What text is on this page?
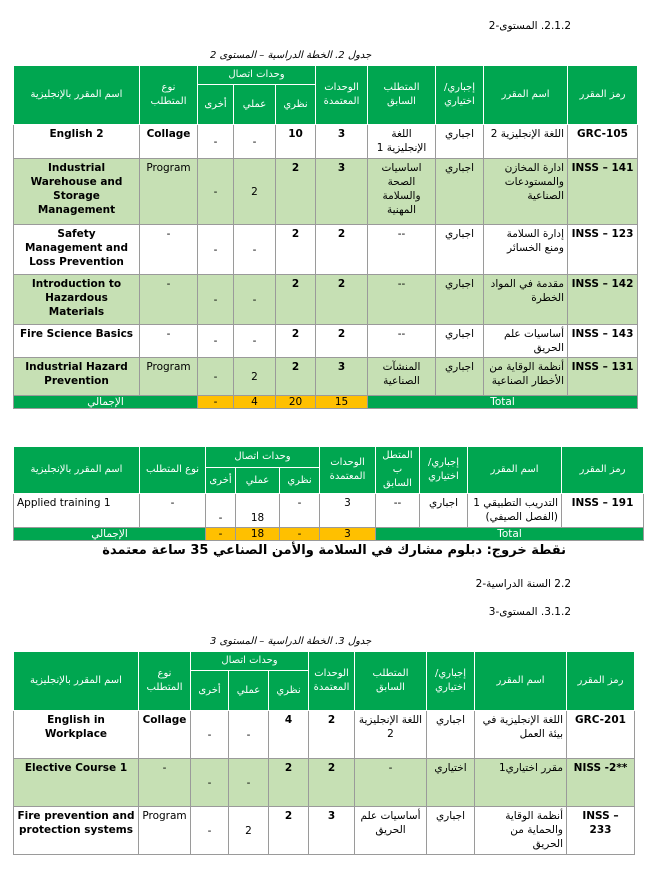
2.1.2. المستوى-2
جدول 2. الخطة الدراسية – المستوى 2
رمز المقرر	اسم المقرر	إجباري/ اختياري	المتطلب السابق	الوحدات المعتمدة	وحدات اتصال			نوع المتطلب	اسم المقرر بالإنجليزية
					نظري	عملي	أخرى		
GRC-105	اللغة الإنجليزية 2	اجباري	اللغة الإنجليزية 1	3	10	-	-	Collage	English 2
INSS – 141	ادارة المخازن والمستودعات الصناعية	اجباري	اساسيات الصحة والسلامة المهنية	3	2	2	-	Program	Industrial Warehouse and Storage Management
INSS – 123	إدارة السلامة ومنع الخسائر	اجباري	--	2	2	-	-	-	Safety Management and Loss Prevention
INSS – 142	مقدمة في المواد الخطرة	اجباري	--	2	2	-	-	-	Introduction to Hazardous Materials
INSS – 143	أساسيات علم الحريق	اجباري	--	2	2	-	-	-	Fire Science Basics
INSS – 131	أنظمة الوقاية من الأخطار الصناعية	اجباري	المنشآت الصناعية	3	2	2	-	Program	Industrial Hazard Prevention
Total				15	20	4	-	الإجمالي	
رمز المقرر	اسم المقرر	إجباري/ اختياري	المتطل ب السابق	الوحدات المعتمدة	وحدات اتصال			نوع المتطلب	اسم المقرر بالإنجليزية
					نظري	عملي	أخرى		
INSS – 191	التدريب التطبيقي 1 (الفصل الصيفي)	اجباري	--	3	-	18	-	-	Applied training 1
Total				3	-	18	-	الإجمالي	
نقطة خروج: دبلوم مشارك في السلامة والأمن الصناعي 35 ساعة معتمدة
2.2 السنة الدراسية-2
3.1.2. المستوى-3
جدول 3. الخطة الدراسية – المستوى 3
رمز المقرر	اسم المقرر	إجباري/ اختياري	المتطلب السابق	الوحدات المعتمدة	وحدات اتصال			نوع المتطلب	اسم المقرر بالإنجليزية
					نظري	عملي	أخرى		
GRC-201	اللغة الإنجليزية في بيئة العمل	اجباري	اللغة الإنجليزية 2	2	4	-	-	Collage	English in Workplace
NISS -2**	مقرر اختياري1	اختياري	-	2	2	-	-	-	Elective Course 1
INSS – 233	أنظمة الوقاية والحماية من الحريق	اجباري	أساسيات علم الحريق	3	2	2	-	Program	Fire prevention and protection systems
